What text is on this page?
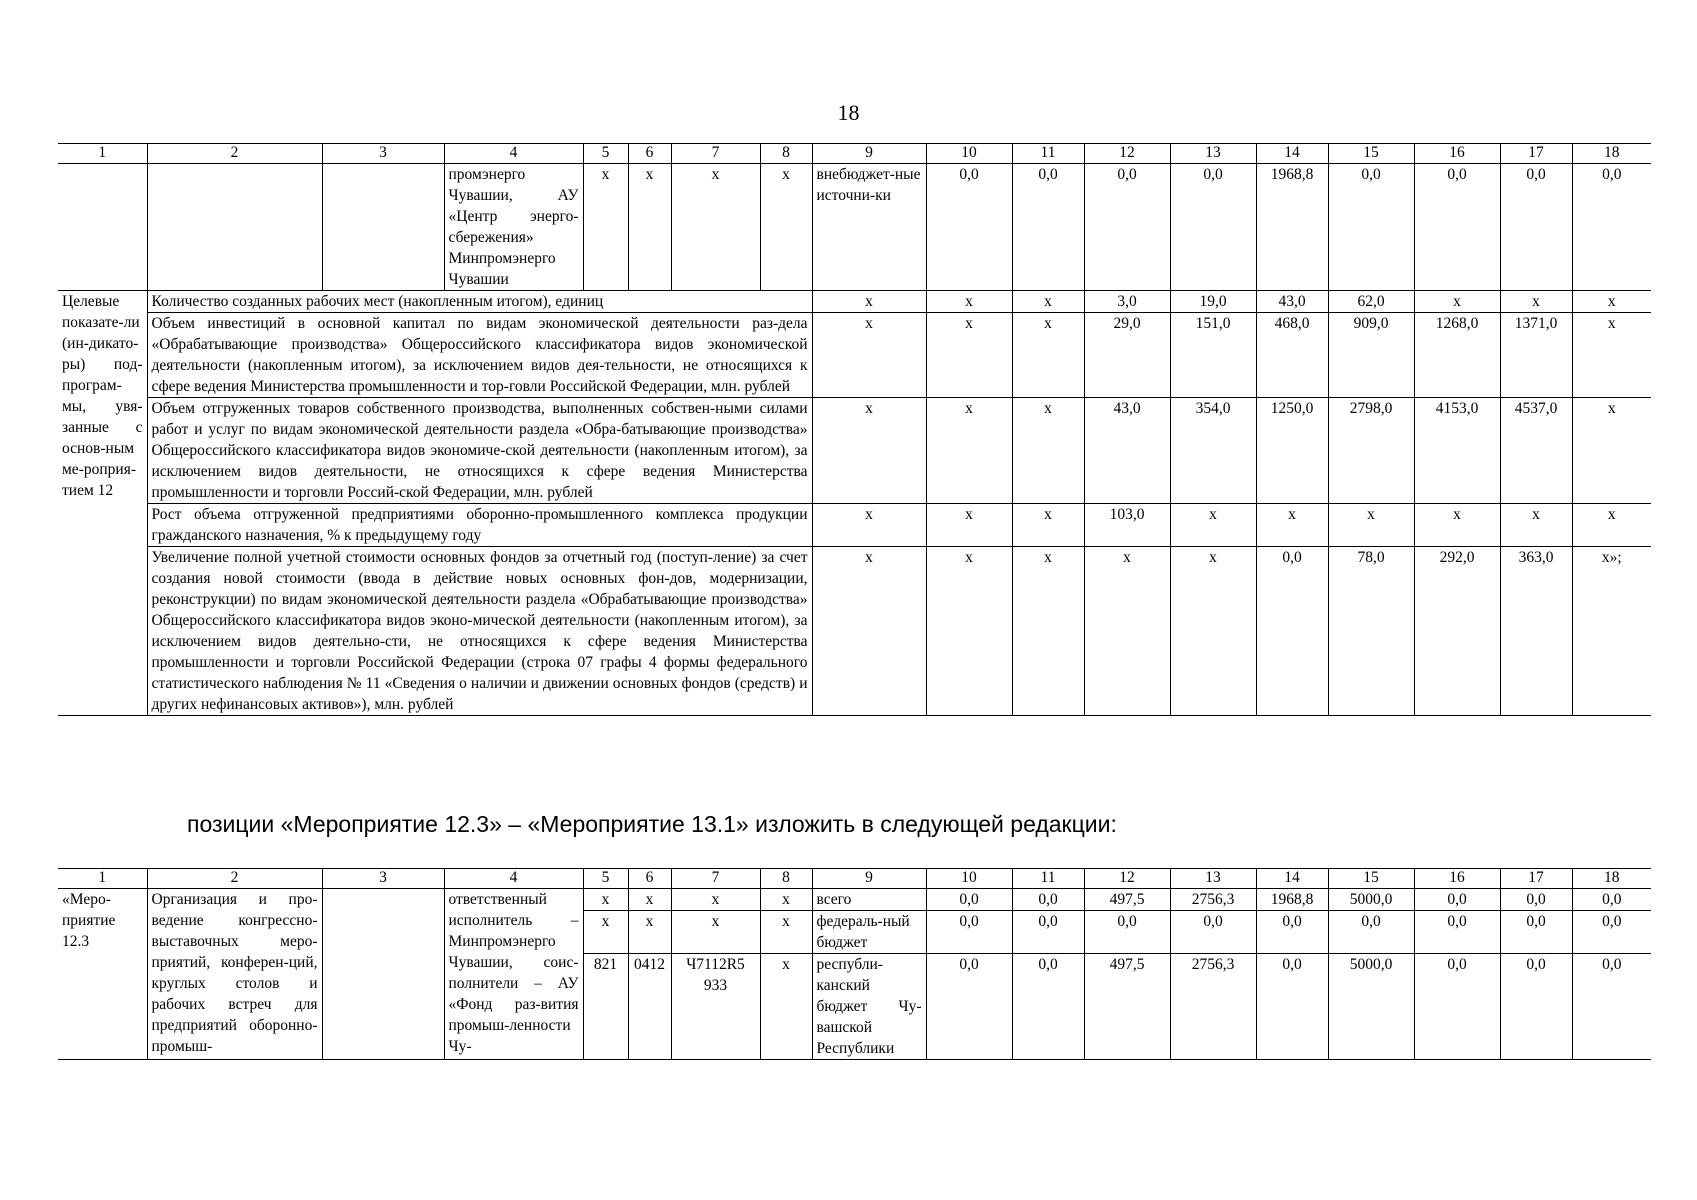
18
1	2	3	4	5	6	7	8	9	10	11	12	13	14	15	16	17	18
			промэнерго Чувашии, АУ «Центр энерго-сбережения» Минпромэнерго Чувашии	x	x	x	x	внебюджет-ные источни-ки	0,0	0,0	0,0	0,0	1968,8	0,0	0,0	0,0	0,0
Целевые показате-ли (ин-дикато-ры) под-програм-мы, увя-занные с основ-ным ме-роприя-тием 12	Количество созданных рабочих мест (накопленным итогом), единиц							x	x	x	3,0	19,0	43,0	62,0	x	x	x
	Объем инвестиций в основной капитал по видам экономической деятельности раз-дела «Обрабатывающие производства» Общероссийского классификатора видов экономической деятельности (накопленным итогом), за исключением видов дея-тельности, не относящихся к сфере ведения Министерства промышленности и тор-говли Российской Федерации, млн. рублей							x	x	x	29,0	151,0	468,0	909,0	1268,0	1371,0	x
	Объем отгруженных товаров собственного производства, выполненных собствен-ными силами работ и услуг по видам экономической деятельности раздела «Обра-батывающие производства» Общероссийского классификатора видов экономиче-ской деятельности (накопленным итогом), за исключением видов деятельности, не относящихся к сфере ведения Министерства промышленности и торговли Россий-ской Федерации, млн. рублей							x	x	x	43,0	354,0	1250,0	2798,0	4153,0	4537,0	x
	Рост объема отгруженной предприятиями оборонно-промышленного комплекса продукции гражданского назначения, % к предыдущему году							x	x	x	103,0	x	x	x	x	x	x
	Увеличение полной учетной стоимости основных фондов за отчетный год (поступ-ление) за счет создания новой стоимости (ввода в действие новых основных фон-дов, модернизации, реконструкции) по видам экономической деятельности раздела «Обрабатывающие производства» Общероссийского классификатора видов эконо-мической деятельности (накопленным итогом), за исключением видов деятельно-сти, не относящихся к сфере ведения Министерства промышленности и торговли Российской Федерации (строка 07 графы 4 формы федерального статистического наблюдения № 11 «Сведения о наличии и движении основных фондов (средств) и других нефинансовых активов»), млн. рублей							x	x	x	x	x	0,0	78,0	292,0	363,0	x»;
позиции «Мероприятие 12.3» – «Мероприятие 13.1» изложить в следующей редакции:
1	2	3	4	5	6	7	8	9	10	11	12	13	14	15	16	17	18
«Меро-приятие 12.3	Организация и про-ведение конгрессно-выставочных меро-приятий, конферен-ций, круглых столов и рабочих встреч для предприятий оборонно-промыш-		ответственный исполнитель – Минпромэнерго Чувашии, соис-полнители – АУ «Фонд раз-вития промыш-ленности Чу-	x	x	x	x	всего	0,0	0,0	497,5	2756,3	1968,8	5000,0	0,0	0,0	0,0
				x	x	x	x	федераль-ный бюджет	0,0	0,0	0,0	0,0	0,0	0,0	0,0	0,0	0,0
				821	0412	Ч7112R5 933	x	республи-канский бюджет Чу-вашской Республики	0,0	0,0	497,5	2756,3	0,0	5000,0	0,0	0,0	0,0
